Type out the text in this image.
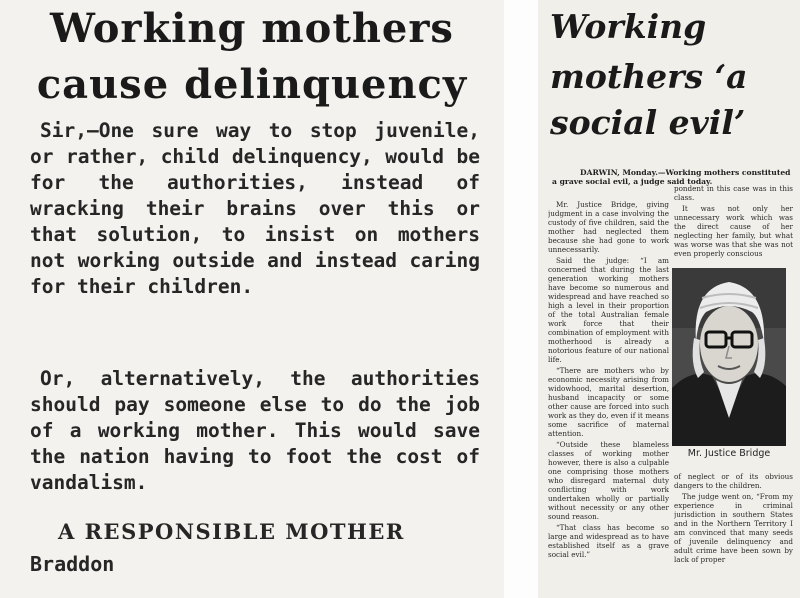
Working mothers
cause delinquency

Sir,—One sure way to stop juvenile, or rather, child delinquency, would be for the authorities, instead of wracking their brains over this or that solution, to insist on mothers not working outside and instead caring for their children.

Or, alternatively, the authorities should pay someone else to do the job of a working mother. This would save the nation having to foot the cost of vandalism.

A RESPONSIBLE MOTHER

Braddon

Working
mothers ‘a
social evil’

DARWIN, Monday.—Working mothers constituted a grave social evil, a judge said today.

Mr. Justice Bridge, giving judgment in a case involving the custody of five children, said the mother had neglected them because she had gone to work unnecessarily.

Said the judge: “I am concerned that during the last generation working mothers have become so numerous and widespread and have reached so high a level in their proportion of the total Australian female work force that their combination of employment with motherhood is already a notorious feature of our national life.

“There are mothers who by economic necessity arising from widowhood, marital desertion, husband incapacity or some other cause are forced into such work as they do, even if it means some sacrifice of maternal attention.

“Outside these blameless classes of working mother however, there is also a culpable one comprising those mothers who disregard maternal duty conflicting with work undertaken wholly or partially without necessity or any other sound reason.

“That class has become so large and widespread as to have established itself as a grave social evil.”

pondent in this case was in this class.

It was not only her unnecessary work which was the direct cause of her neglecting her family, but what was worse was that she was not even properly conscious

Mr. Justice Bridge

of neglect or of its obvious dangers to the children.

The judge went on, “From my experience in criminal jurisdiction in southern States and in the Northern Territory I am convinced that many seeds of juvenile delinquency and adult crime have been sown by lack of proper
